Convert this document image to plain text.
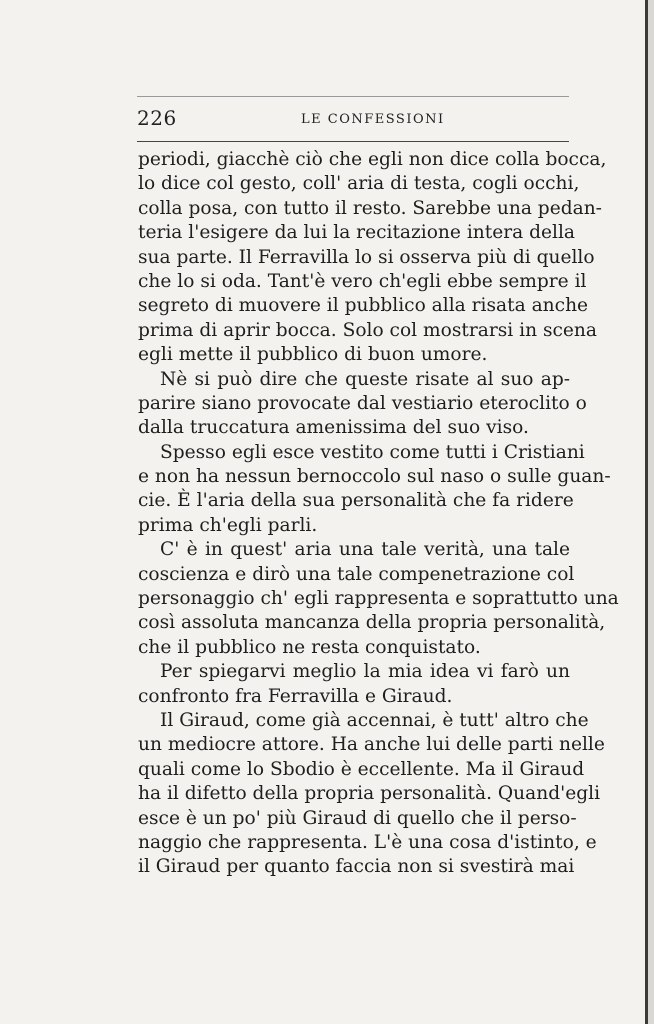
226	LE CONFESSIONI
periodi, giacchè ciò che egli non dice colla bocca,
lo dice col gesto, coll' aria di testa, cogli occhi,
colla posa, con tutto il resto. Sarebbe una pedan-
teria l'esigere da lui la recitazione intera della
sua parte. Il Ferravilla lo si osserva più di quello
che lo si oda. Tant'è vero ch'egli ebbe sempre il
segreto di muovere il pubblico alla risata anche
prima di aprir bocca. Solo col mostrarsi in scena
egli mette il pubblico di buon umore.
Nè si può dire che queste risate al suo ap-
parire siano provocate dal vestiario eteroclito o
dalla truccatura amenissima del suo viso.
Spesso egli esce vestito come tutti i Cristiani
e non ha nessun bernoccolo sul naso o sulle guan-
cie. È l'aria della sua personalità che fa ridere
prima ch'egli parli.
C' è in quest' aria una tale verità, una tale
coscienza e dirò una tale compenetrazione col
personaggio ch' egli rappresenta e soprattutto una
così assoluta mancanza della propria personalità,
che il pubblico ne resta conquistato.
Per spiegarvi meglio la mia idea vi farò un
confronto fra Ferravilla e Giraud.
Il Giraud, come già accennai, è tutt' altro che
un mediocre attore. Ha anche lui delle parti nelle
quali come lo Sbodio è eccellente. Ma il Giraud
ha il difetto della propria personalità. Quand'egli
esce è un po' più Giraud di quello che il perso-
naggio che rappresenta. L'è una cosa d'istinto, e
il Giraud per quanto faccia non si svestirà mai
